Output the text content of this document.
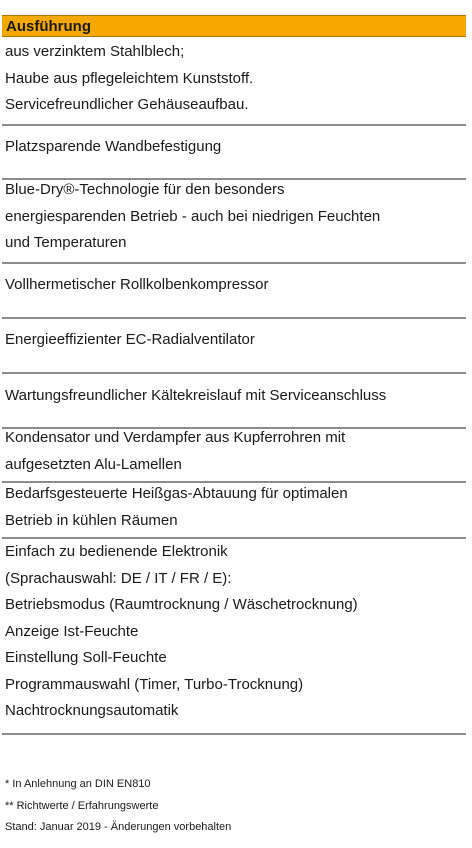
Ausführung
aus verzinktem Stahlblech;
Haube aus pflegeleichtem Kunststoff.
Servicefreundlicher Gehäuseaufbau.
Platzsparende Wandbefestigung
Blue-Dry®-Technologie für den besonders
energiesparenden Betrieb - auch bei niedrigen Feuchten
und Temperaturen
Vollhermetischer Rollkolbenkompressor
Energieeffizienter EC-Radialventilator
Wartungsfreundlicher Kältekreislauf mit Serviceanschluss
Kondensator und Verdampfer aus Kupferrohren mit
aufgesetzten Alu-Lamellen
Bedarfsgesteuerte Heißgas-Abtauung für optimalen
Betrieb in kühlen Räumen
Einfach zu bedienende Elektronik
(Sprachauswahl: DE / IT / FR / E):
Betriebsmodus (Raumtrocknung / Wäschetrocknung)
Anzeige Ist-Feuchte
Einstellung Soll-Feuchte
Programmauswahl (Timer, Turbo-Trocknung)
Nachtrocknungsautomatik
* In Anlehnung an DIN EN810
** Richtwerte / Erfahrungswerte
Stand: Januar 2019 - Änderungen vorbehalten
